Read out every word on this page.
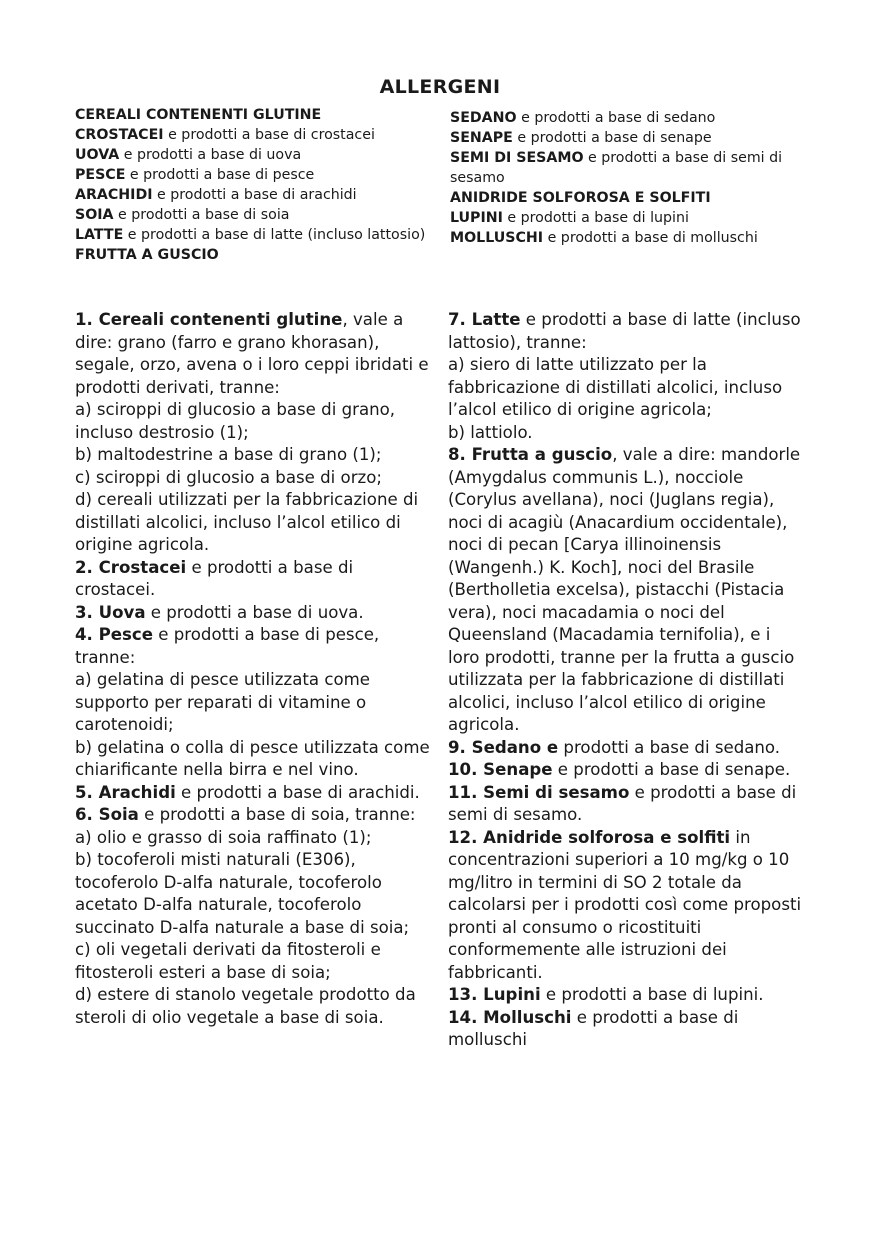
ALLERGENI

CEREALI CONTENENTI GLUTINE

CROSTACEI e prodotti a base di crostacei

UOVA e prodotti a base di uova

PESCE e prodotti a base di pesce

ARACHIDI e prodotti a base di arachidi

SOIA e prodotti a base di soia

LATTE e prodotti a base di latte (incluso lattosio)

FRUTTA A GUSCIO

SEDANO e prodotti a base di sedano

SENAPE e prodotti a base di senape

SEMI DI SESAMO e prodotti a base di semi di sesamo

ANIDRIDE SOLFOROSA E SOLFITI

LUPINI e prodotti a base di lupini

MOLLUSCHI e prodotti a base di molluschi

1. Cereali contenenti glutine, vale a dire: grano (farro e grano khorasan), segale, orzo, avena o i loro ceppi ibridati e prodotti derivati, tranne:

a) sciroppi di glucosio a base di grano, incluso destrosio (1);

b) maltodestrine a base di grano (1);

c) sciroppi di glucosio a base di orzo;

d) cereali utilizzati per la fabbricazione di distillati alcolici, incluso l’alcol etilico di origine agricola.

2. Crostacei e prodotti a base di crostacei.

3. Uova e prodotti a base di uova.

4. Pesce e prodotti a base di pesce, tranne:

a) gelatina di pesce utilizzata come supporto per reparati di vitamine o carotenoidi;

b) gelatina o colla di pesce utilizzata come chiarificante nella birra e nel vino.

5. Arachidi e prodotti a base di arachidi.

6. Soia e prodotti a base di soia, tranne:

a) olio e grasso di soia raffinato (1);

b) tocoferoli misti naturali (E306), tocoferolo D-alfa naturale, tocoferolo acetato D-alfa naturale, tocoferolo succinato D-alfa naturale a base di soia;

c) oli vegetali derivati da fitosteroli e fitosteroli esteri a base di soia;

d) estere di stanolo vegetale prodotto da steroli di olio vegetale a base di soia.

7. Latte e prodotti a base di latte (incluso lattosio), tranne:

a) siero di latte utilizzato per la fabbricazione di distillati alcolici, incluso l’alcol etilico di origine agricola;

b) lattiolo.

8. Frutta a guscio, vale a dire: mandorle (Amygdalus communis L.), nocciole (Corylus avellana), noci (Juglans regia), noci di acagiù (Anacardium occidentale), noci di pecan [Carya illinoinensis (Wangenh.) K. Koch], noci del Brasile (Bertholletia excelsa), pistacchi (Pistacia vera), noci macadamia o noci del Queensland (Macadamia ternifolia), e i loro prodotti, tranne per la frutta a guscio utilizzata per la fabbricazione di distillati alcolici, incluso l’alcol etilico di origine agricola.

9. Sedano e prodotti a base di sedano.

10. Senape e prodotti a base di senape.

11. Semi di sesamo e prodotti a base di semi di sesamo.

12. Anidride solforosa e solfiti in concentrazioni superiori a 10 mg/kg o 10 mg/litro in termini di SO 2 totale da calcolarsi per i prodotti così come proposti pronti al consumo o ricostituiti conformemente alle istruzioni dei fabbricanti.

13. Lupini e prodotti a base di lupini.

14. Molluschi e prodotti a base di molluschi
